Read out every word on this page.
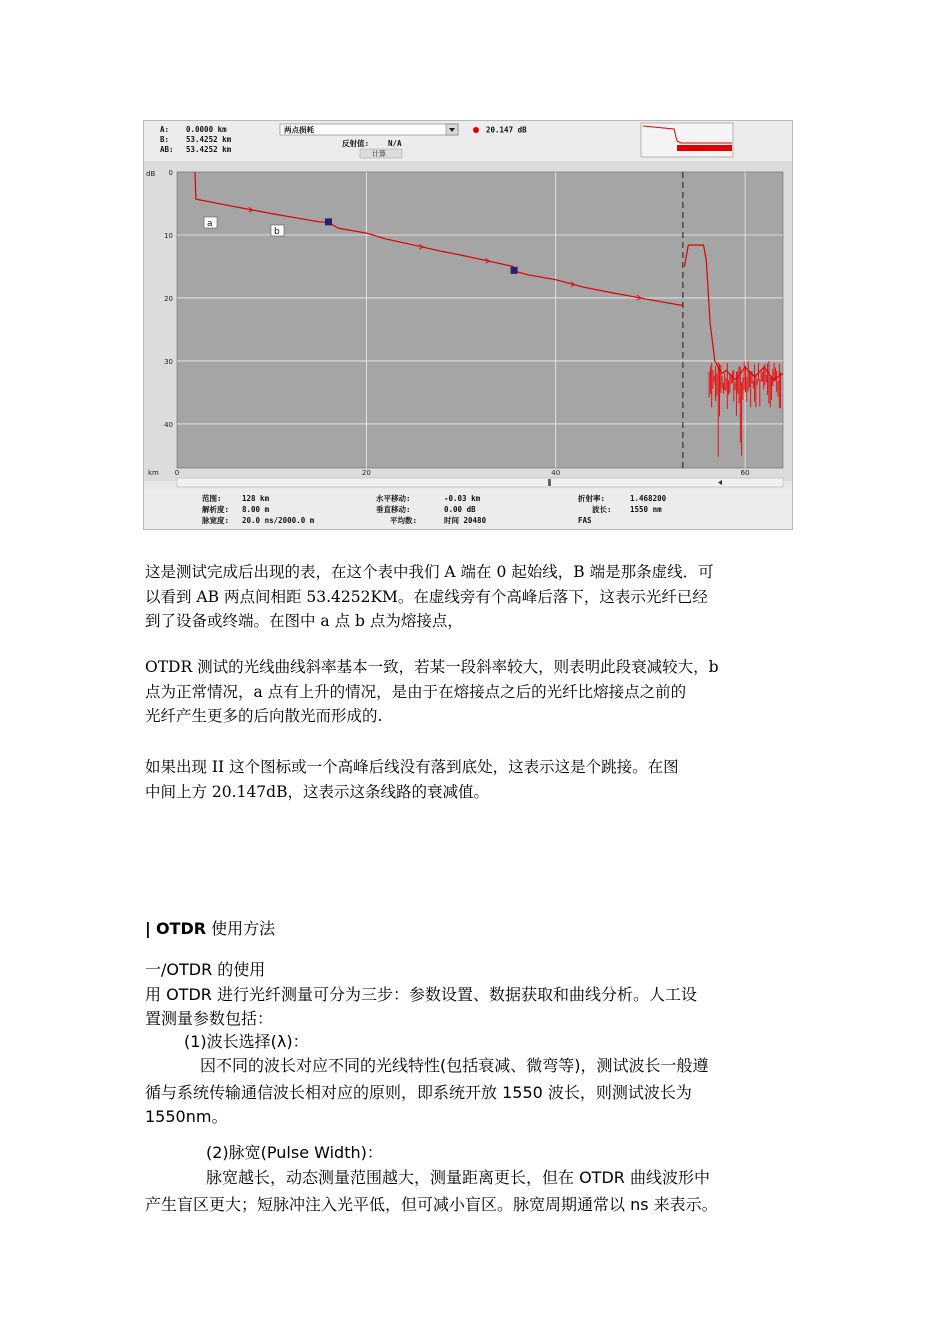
A: 0.0000 km
B: 53.4252 km
AB: 53.4252 km
两点损耗	20.147 dB
反射值:	N/A
计算
0
10
20
30
40
0	20	40	60
dB
km
a
b
范围:	128 km
解析度: 8.00 m
脉宽度: 20.0 ns/2000.0 m
水平移动:	-0.03 km
垂直移动:	0.00 dB
平均数:	时间 20480
折射率:	1.468200
波长: 1550 nm
FAS
这是测试完成后出现的表，在这个表中我们 A 端在 0 起始线，B 端是那条虚线．可
以看到 AB 两点间相距 53.4252KM。在虚线旁有个高峰后落下，这表示光纤已经
到了设备或终端。在图中 a 点 b 点为熔接点，
OTDR 测试的光线曲线斜率基本一致，若某一段斜率较大，则表明此段衰减较大，b
点为正常情况，a 点有上升的情况，是由于在熔接点之后的光纤比熔接点之前的
光纤产生更多的后向散光而形成的.
如果出现 II 这个图标或一个高峰后线没有落到底处，这表示这是个跳接。在图
中间上方 20.147dB，这表示这条线路的衰减值。
| OTDR 使用方法
一/OTDR 的使用
用 OTDR 进行光纤测量可分为三步：参数设置、数据获取和曲线分析。人工设
置测量参数包括：
(1)波长选择(λ)：
因不同的波长对应不同的光线特性(包括衰减、微弯等)，测试波长一般遵
循与系统传输通信波长相对应的原则，即系统开放 1550 波长，则测试波长为
1550nm。
(2)脉宽(Pulse Width)：
脉宽越长，动态测量范围越大，测量距离更长，但在 OTDR 曲线波形中
产生盲区更大；短脉冲注入光平低，但可减小盲区。脉宽周期通常以 ns 来表示。
